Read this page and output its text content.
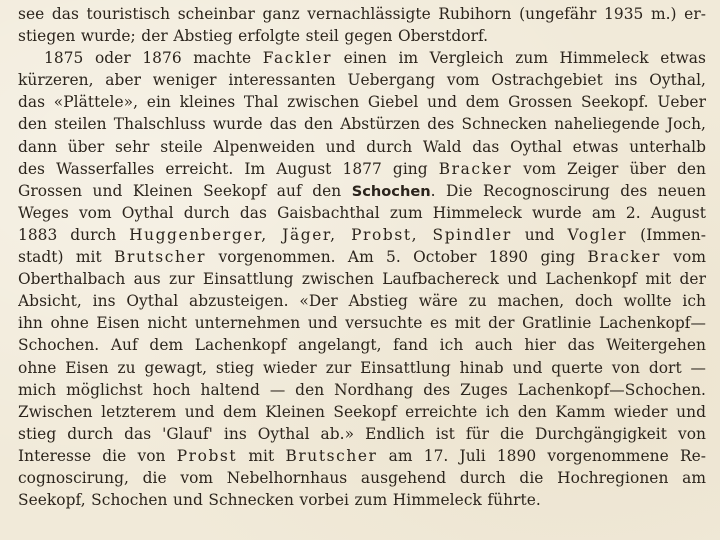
see das touristisch scheinbar ganz vernachlässigte Rubihorn (ungefähr 1935 m.) er-
stiegen wurde; der Abstieg erfolgte steil gegen Oberstdorf.
1875 oder 1876 machte Fackler einen im Vergleich zum Himmeleck etwas
kürzeren, aber weniger interessanten Uebergang vom Ostrachgebiet ins Oythal,
das «Plättele», ein kleines Thal zwischen Giebel und dem Grossen Seekopf. Ueber
den steilen Thalschluss wurde das den Abstürzen des Schnecken naheliegende Joch,
dann über sehr steile Alpenweiden und durch Wald das Oythal etwas unterhalb
des Wasserfalles erreicht. Im August 1877 ging Bracker vom Zeiger über den
Grossen und Kleinen Seekopf auf den Schochen. Die Recognoscirung des neuen
Weges vom Oythal durch das Gaisbachthal zum Himmeleck wurde am 2. August
1883 durch Huggenberger, Jäger, Probst, Spindler und Vogler (Immen-
stadt) mit Brutscher vorgenommen. Am 5. October 1890 ging Bracker vom
Oberthalbach aus zur Einsattlung zwischen Laufbachereck und Lachenkopf mit der
Absicht, ins Oythal abzusteigen. «Der Abstieg wäre zu machen, doch wollte ich
ihn ohne Eisen nicht unternehmen und versuchte es mit der Gratlinie Lachenkopf—
Schochen. Auf dem Lachenkopf angelangt, fand ich auch hier das Weitergehen
ohne Eisen zu gewagt, stieg wieder zur Einsattlung hinab und querte von dort —
mich möglichst hoch haltend — den Nordhang des Zuges Lachenkopf—Schochen.
Zwischen letzterem und dem Kleinen Seekopf erreichte ich den Kamm wieder und
stieg durch das 'Glauf' ins Oythal ab.» Endlich ist für die Durchgängigkeit von
Interesse die von Probst mit Brutscher am 17. Juli 1890 vorgenommene Re-
cognoscirung, die vom Nebelhornhaus ausgehend durch die Hochregionen am
Seekopf, Schochen und Schnecken vorbei zum Himmeleck führte.
